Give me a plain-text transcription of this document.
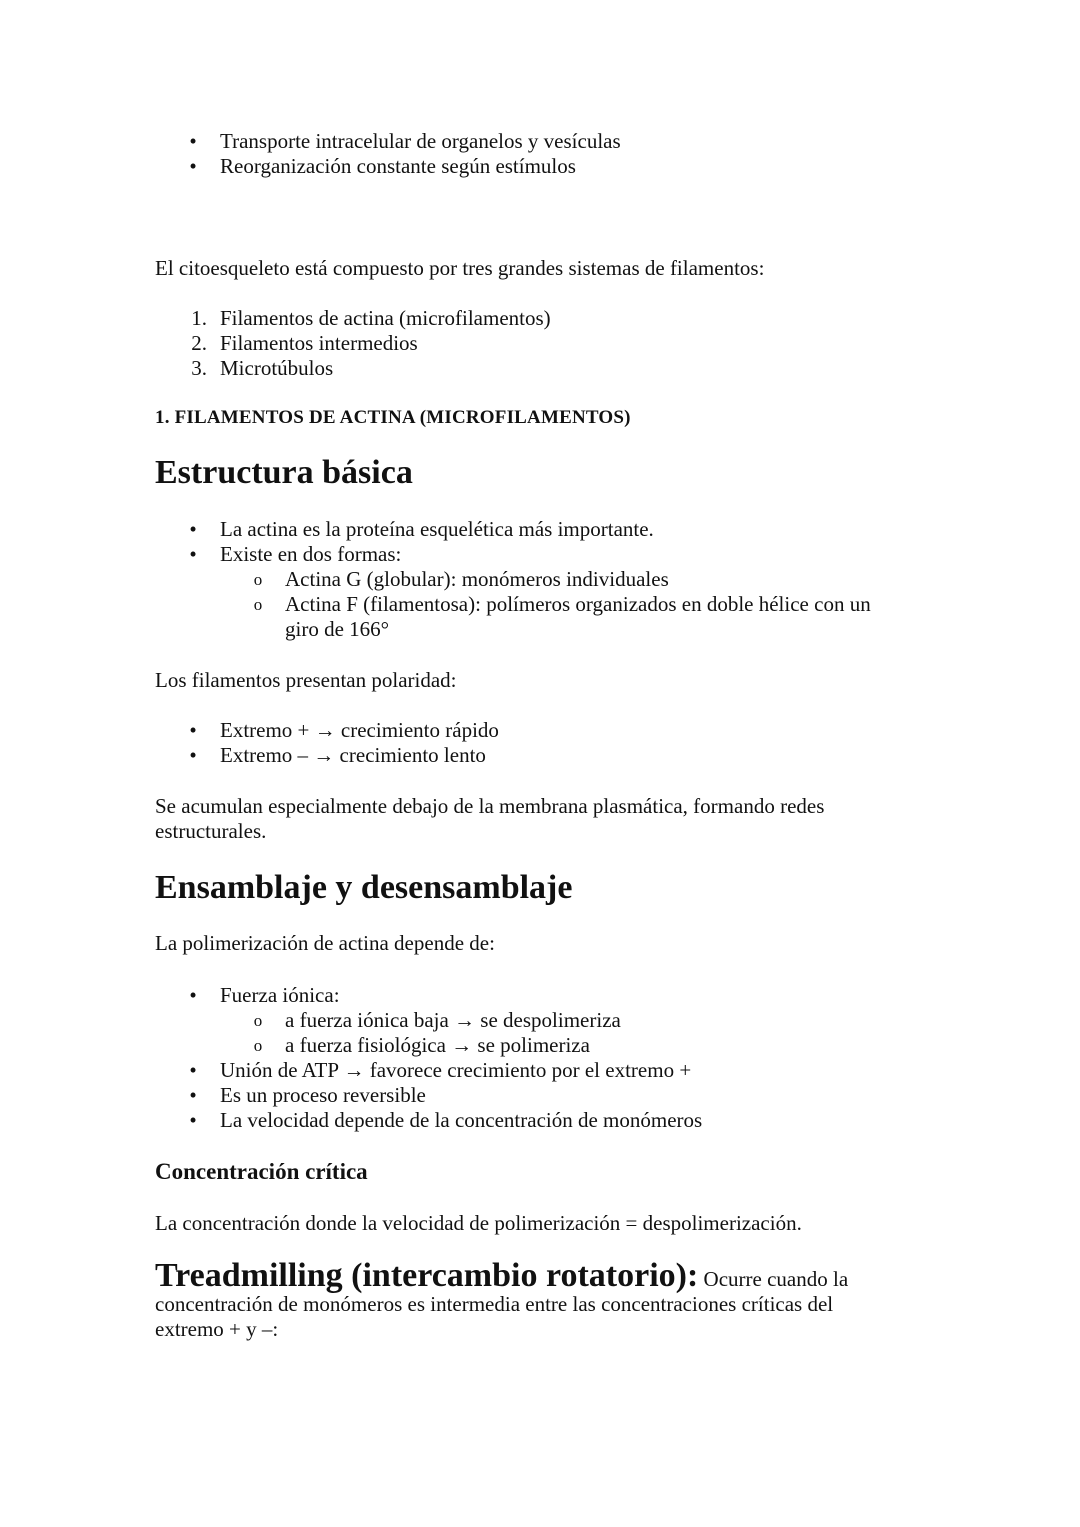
•	Transporte intracelular de organelos y vesículas
•	Reorganización constante según estímulos

El citoesqueleto está compuesto por tres grandes sistemas de filamentos:

1. Filamentos de actina (microfilamentos)
2. Filamentos intermedios
3. Microtúbulos
1. FILAMENTOS DE ACTINA (MICROFILAMENTOS)
Estructura básica
•	La actina es la proteína esquelética más importante.
•	Existe en dos formas:
o Actina G (globular): monómeros individuales
o Actina F (filamentosa): polímeros organizados en doble hélice con un giro de 166°

Los filamentos presentan polaridad:

•	Extremo + → crecimiento rápido
•	Extremo – → crecimiento lento

Se acumulan especialmente debajo de la membrana plasmática, formando redes estructurales.

Ensamblaje y desensamblaje

La polimerización de actina depende de:

•	Fuerza iónica:
o a fuerza iónica baja → se despolimeriza
o a fuerza fisiológica → se polimeriza
•	Unión de ATP → favorece crecimiento por el extremo +
•	Es un proceso reversible
•	La velocidad depende de la concentración de monómeros
Concentración crítica

La concentración donde la velocidad de polimerización = despolimerización.

Treadmilling (intercambio rotatorio): Ocurre cuando la concentración de monómeros es intermedia entre las concentraciones críticas del extremo + y –:
